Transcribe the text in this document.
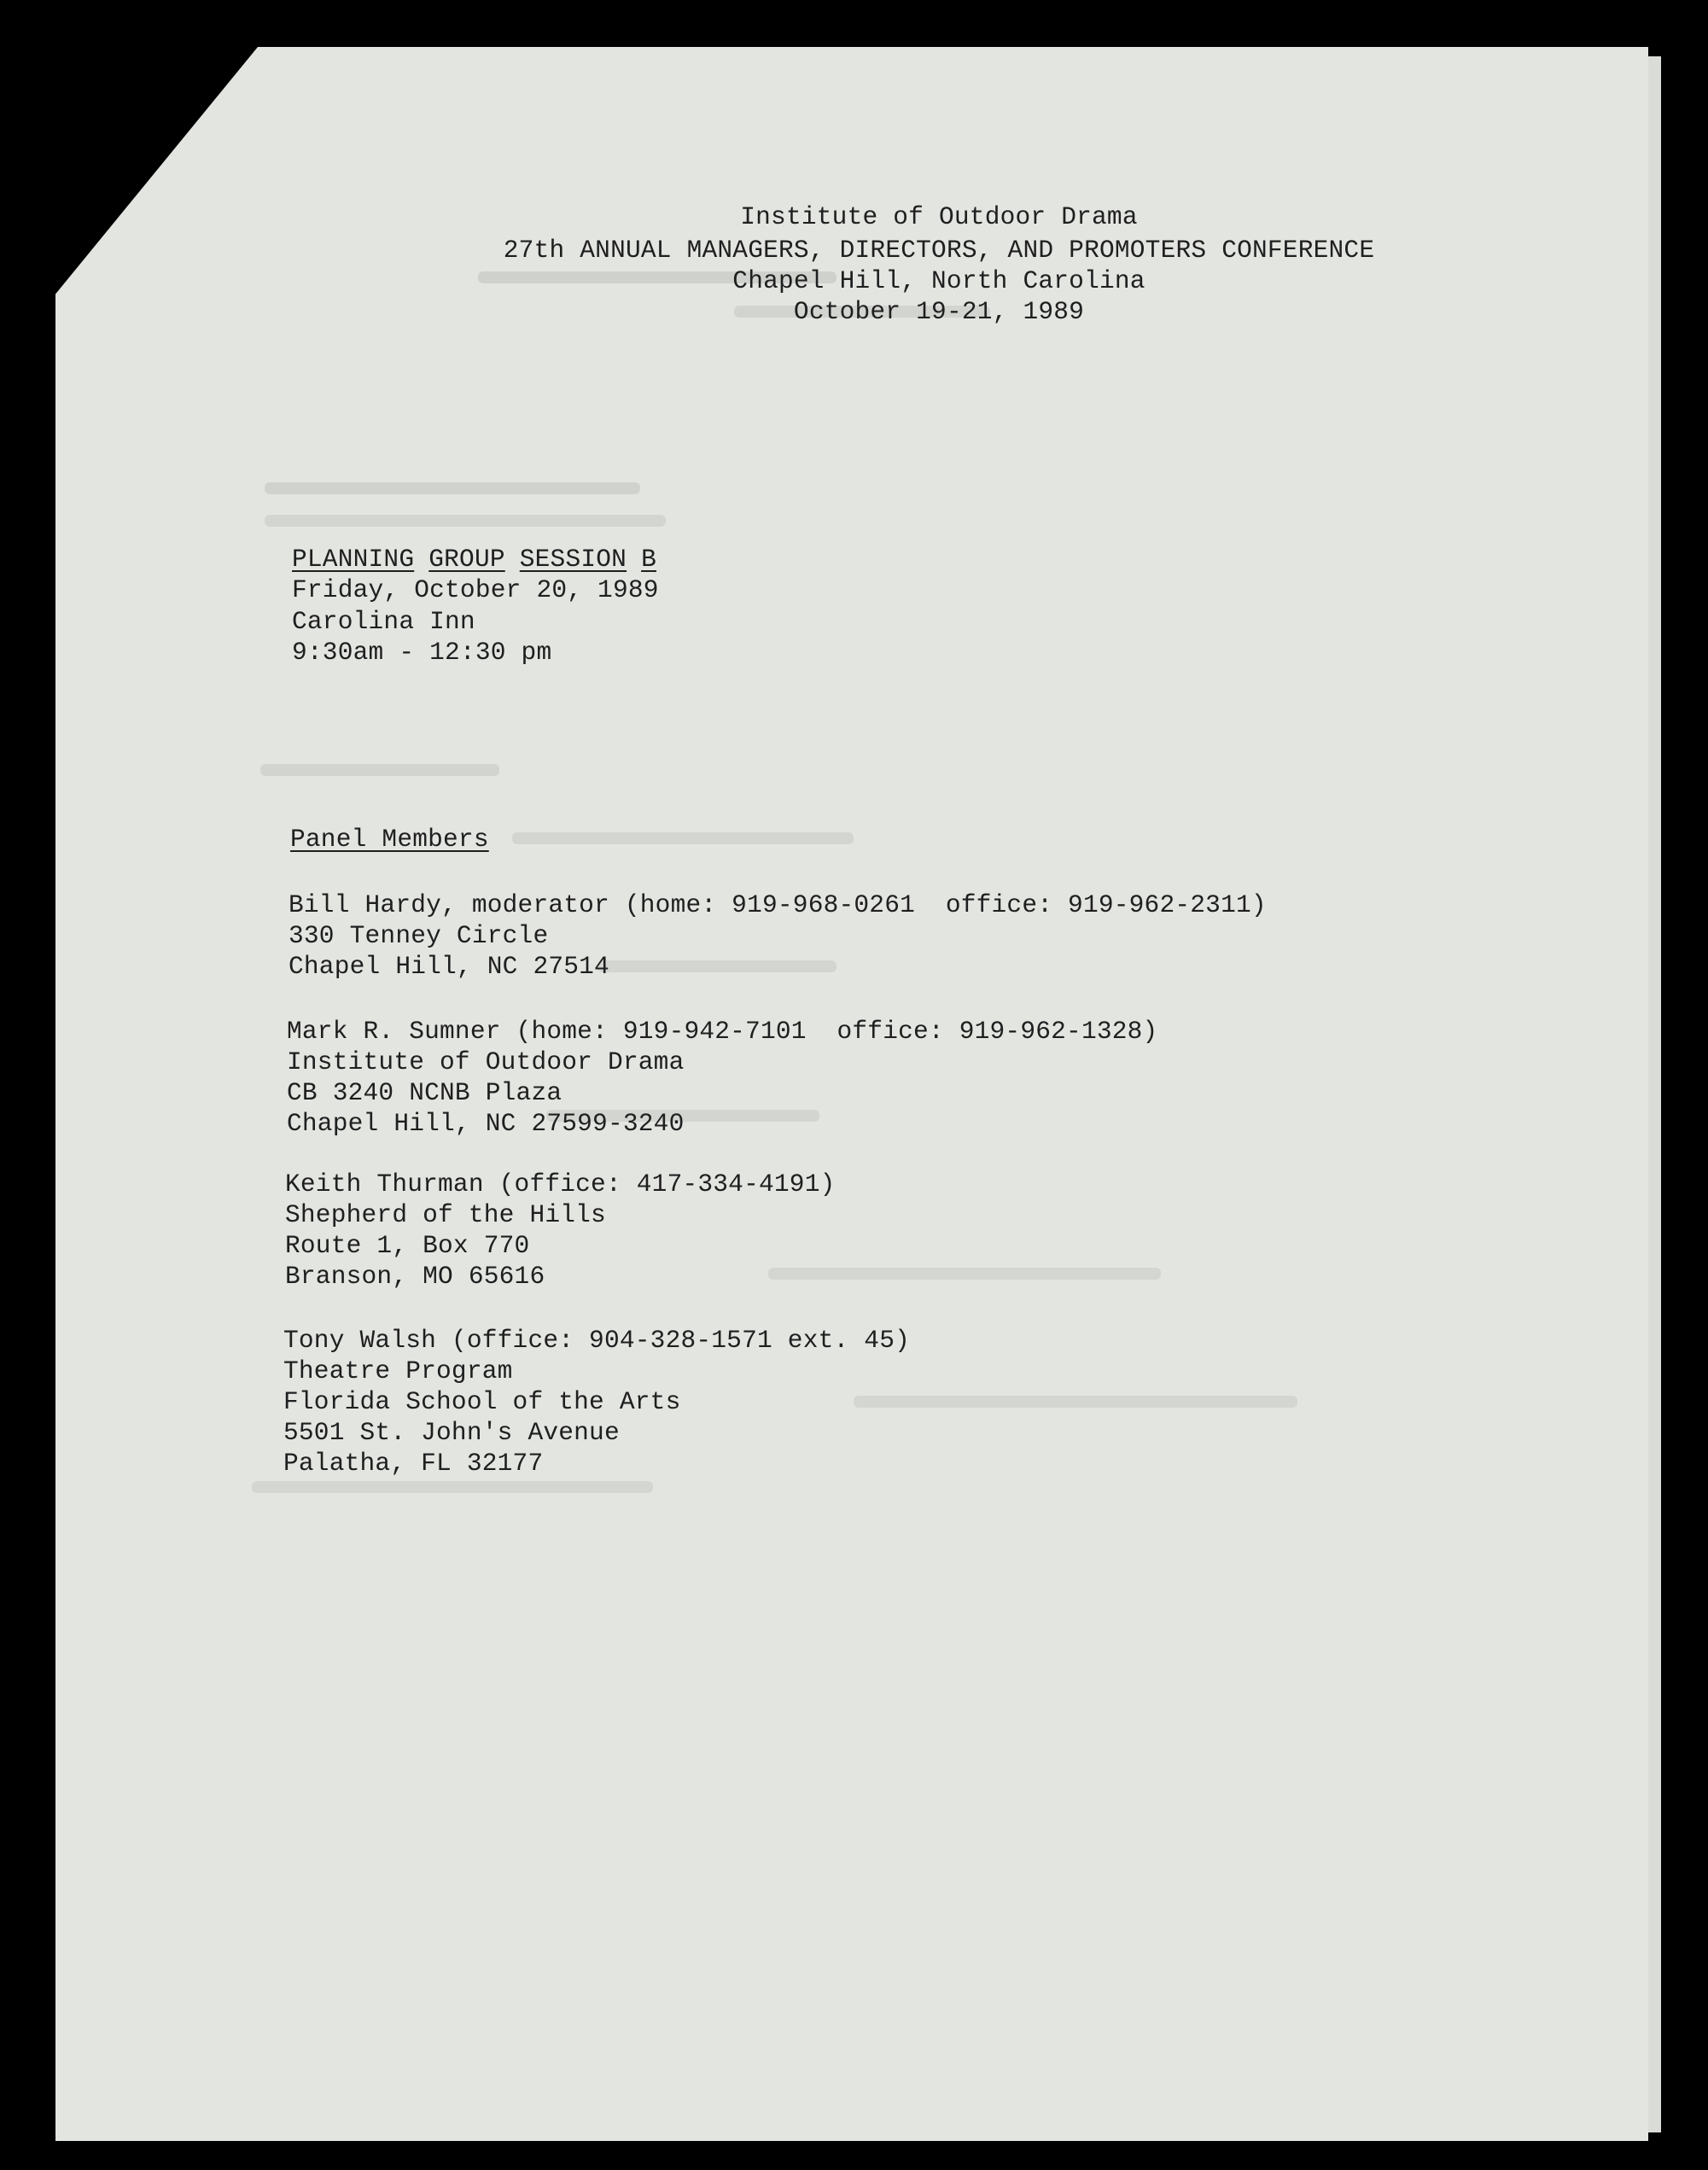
Institute of Outdoor Drama
27th ANNUAL MANAGERS, DIRECTORS, AND PROMOTERS CONFERENCE
Chapel Hill, North Carolina
October 19-21, 1989
PLANNING GROUP SESSION B
Friday, October 20, 1989
Carolina Inn
9:30am - 12:30 pm
Panel Members
Bill Hardy, moderator (home: 919-968-0261  office: 919-962-2311)
330 Tenney Circle
Chapel Hill, NC 27514
Mark R. Sumner (home: 919-942-7101  office: 919-962-1328)
Institute of Outdoor Drama
CB 3240 NCNB Plaza
Chapel Hill, NC 27599-3240
Keith Thurman (office: 417-334-4191)
Shepherd of the Hills
Route 1, Box 770
Branson, MO 65616
Tony Walsh (office: 904-328-1571 ext. 45)
Theatre Program
Florida School of the Arts
5501 St. John's Avenue
Palatha, FL 32177
